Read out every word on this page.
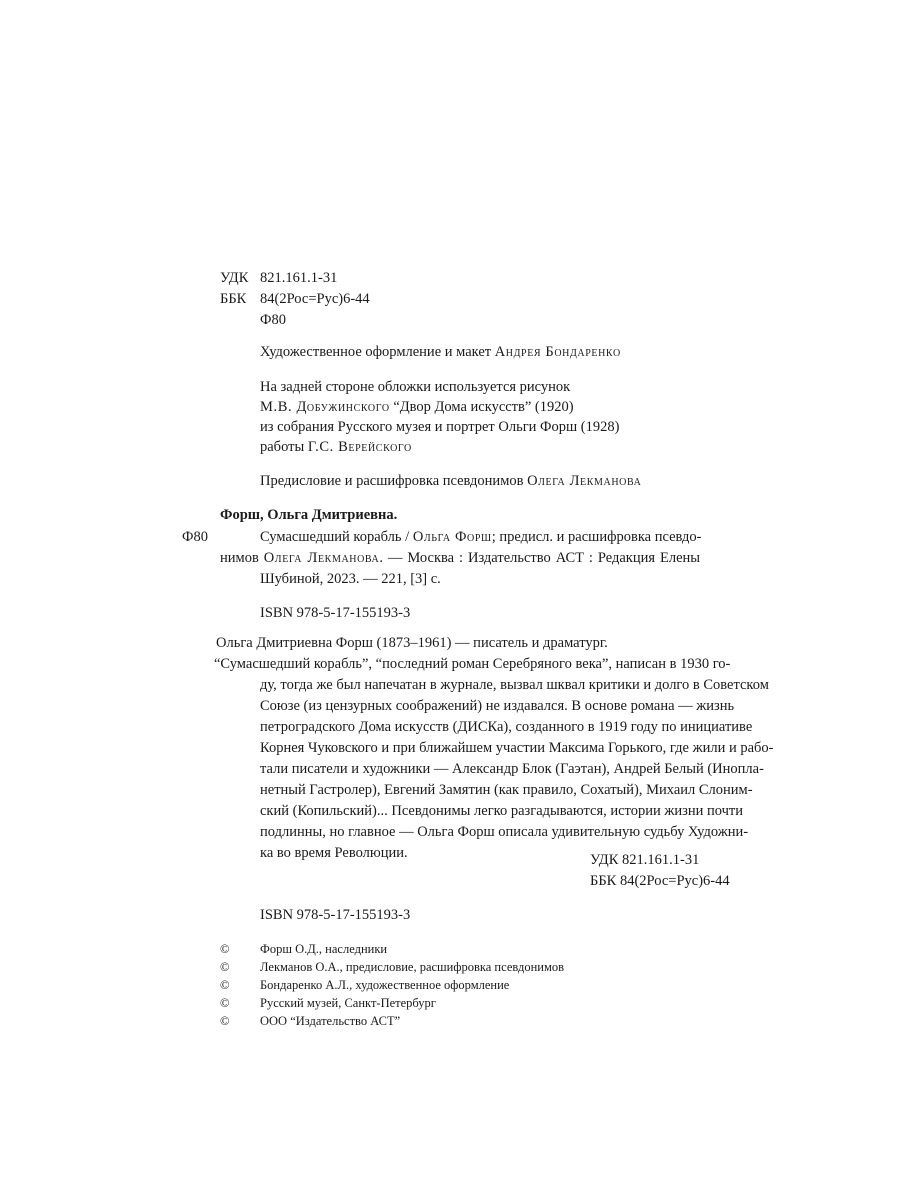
УДК 821.161.1-31
ББК 84(2Рос=Рус)6-44
Ф80
Художественное оформление и макет Андрея Бондаренко
На задней стороне обложки используется рисунок
М.В. Добужинского “Двор Дома искусств” (1920)
из собрания Русского музея и портрет Ольги Форш (1928)
работы Г.С. Верейского
Предисловие и расшифровка псевдонимов Олега Лекманова
Форш, Ольга Дмитриевна.
Ф80	Сумасшедший корабль / Ольга Форш; предисл. и расшифровка псевдо-
нимов Олега Лекманова. — Москва : Издательство АСТ : Редакция Елены
Шубиной, 2023. — 221, [3] с.
ISBN 978-5-17-155193-3
Ольга Дмитриевна Форш (1873–1961) — писатель и драматург.
“Сумасшедший корабль”, “последний роман Серебряного века”, написан в 1930 го-
ду, тогда же был напечатан в журнале, вызвал шквал критики и долго в Советском
Союзе (из цензурных соображений) не издавался. В основе романа — жизнь
петроградского Дома искусств (ДИСКа), созданного в 1919 году по инициативе
Корнея Чуковского и при ближайшем участии Максима Горького, где жили и рабо-
тали писатели и художники — Александр Блок (Гаэтан), Андрей Белый (Инопла-
нетный Гастролер), Евгений Замятин (как правило, Сохатый), Михаил Слоним-
ский (Копильский)... Псевдонимы легко разгадываются, истории жизни почти
подлинны, но главное — Ольга Форш описала удивительную судьбу Художни-
ка во время Революции.	УДК 821.161.1-31
ББК 84(2Рос=Рус)6-44
ISBN 978-5-17-155193-3
© Форш О.Д., наследники
© Лекманов О.А., предисловие, расшифровка псевдонимов
© Бондаренко А.Л., художественное оформление
© Русский музей, Санкт-Петербург
© ООО “Издательство АСТ”
